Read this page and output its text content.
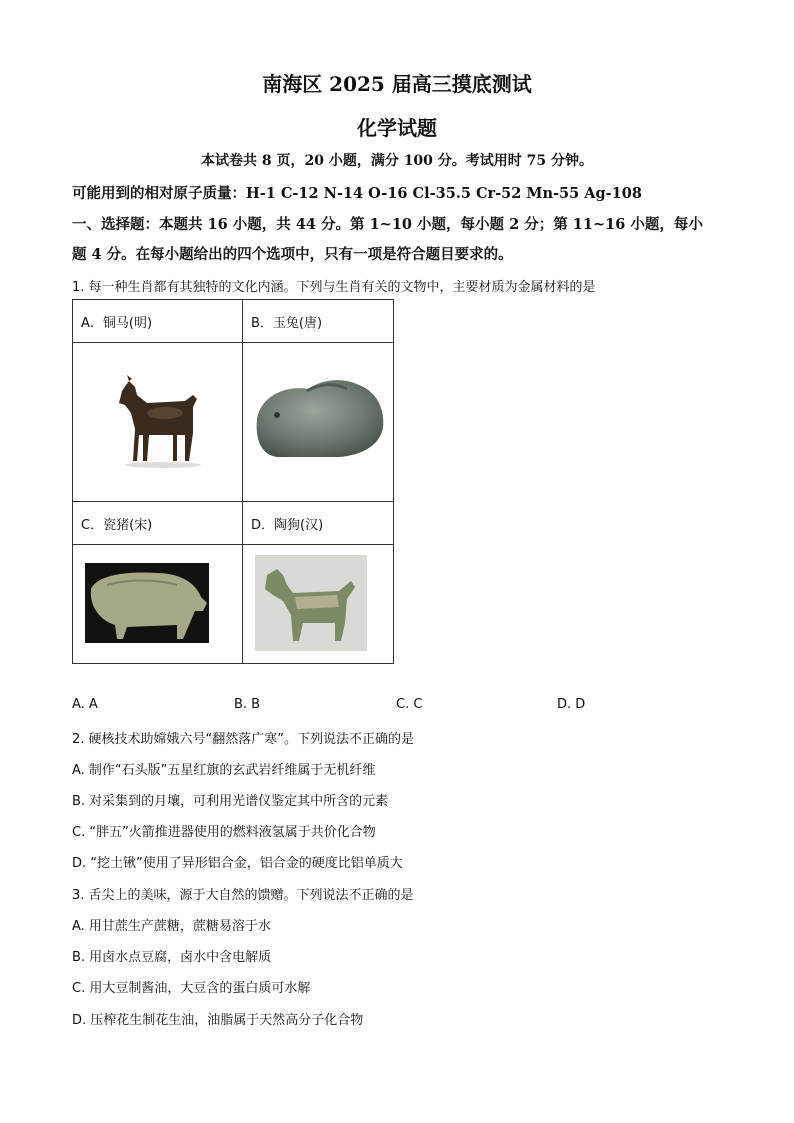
南海区 2025 届高三摸底测试
化学试题
本试卷共 8 页，20 小题，满分 100 分。考试用时 75 分钟。
可能用到的相对原子质量：H-1 C-12 N-14 O-16 Cl-35.5 Cr-52 Mn-55 Ag-108
一、选择题：本题共 16 小题，共 44 分。第 1~10 小题，每小题 2 分；第 11~16 小题，每小
题 4 分。在每小题给出的四个选项中，只有一项是符合题目要求的。
1. 每一种生肖都有其独特的文化内涵。下列与生肖有关的文物中，主要材质为金属材料的是
A．铜马(明)	B．玉兔(唐)

C．瓷猪(宋)	D．陶狗(汉)

A. A	B. B	C. C	D. D
2. 硬核技术助嫦娥六号“翻然落广寒”。下列说法不正确的是
A. 制作“石头版”五星红旗的玄武岩纤维属于无机纤维
B. 对采集到的月壤，可利用光谱仪鉴定其中所含的元素
C. “胖五”火箭推进器使用的燃料液氢属于共价化合物
D. “挖土锹”使用了异形铝合金，铝合金的硬度比铝单质大
3. 舌尖上的美味，源于大自然的馈赠。下列说法不正确的是
A. 用甘蔗生产蔗糖，蔗糖易溶于水
B. 用卤水点豆腐，卤水中含电解质
C. 用大豆制酱油，大豆含的蛋白质可水解
D. 压榨花生制花生油，油脂属于天然高分子化合物
